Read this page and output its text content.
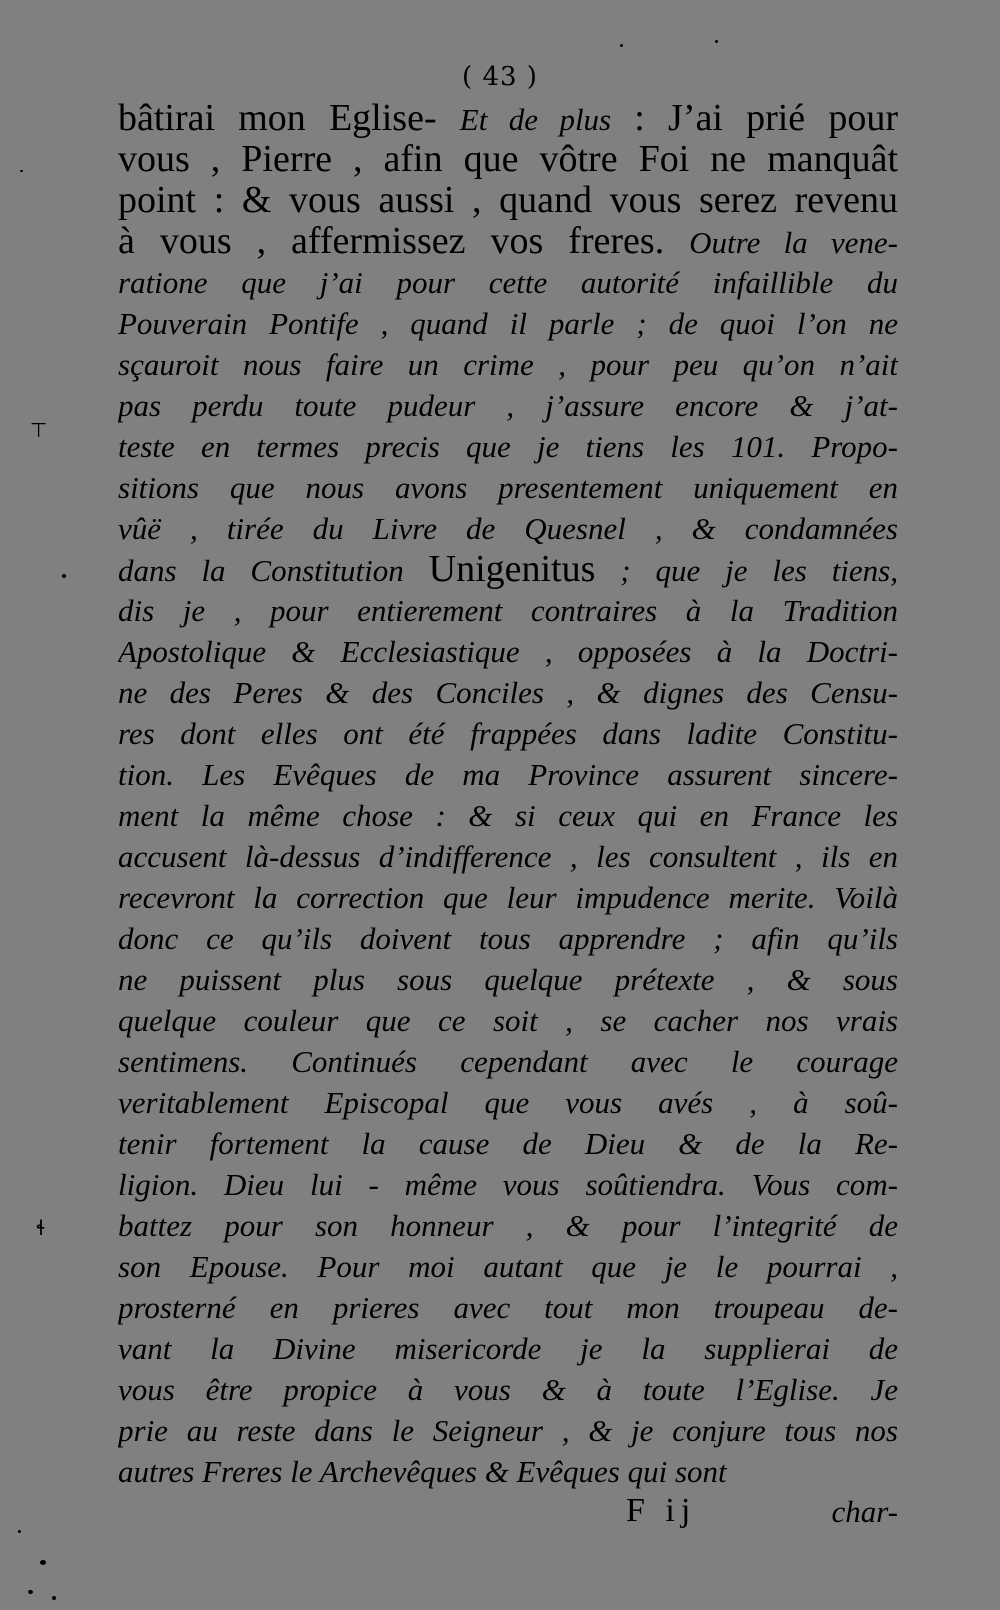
( 43 )
bâtirai mon Eglise- Et de plus : J’ai prié pour
vous , Pierre , afin que vôtre Foi ne manquât
point : & vous aussi , quand vous serez revenu
à vous , affermissez vos freres. Outre la vene-
ratione que j’ai pour cette autorité infaillible du
Pouverain Pontife , quand il parle ; de quoi l’on ne
sçauroit nous faire un crime , pour peu qu’on n’ait
pas perdu toute pudeur , j’assure encore & j’at-
teste en termes precis que je tiens les 101. Propo-
sitions que nous avons presentement uniquement en
vûë , tirée du Livre de Quesnel , & condamnées
dans la Constitution Unigenitus ; que je les tiens,
dis je , pour entierement contraires à la Tradition
Apostolique & Ecclesiastique , opposées à la Doctri-
ne des Peres & des Conciles , & dignes des Censu-
res dont elles ont été frappées dans ladite Constitu-
tion. Les Evêques de ma Province assurent sincere-
ment la même chose : & si ceux qui en France les
accusent là-dessus d’indifference , les consultent , ils en
recevront la correction que leur impudence merite. Voilà
donc ce qu’ils doivent tous apprendre ; afin qu’ils
ne puissent plus sous quelque prétexte , & sous
quelque couleur que ce soit , se cacher nos vrais
sentimens. Continués cependant avec le courage
veritablement Episcopal que vous avés , à soû-
tenir fortement la cause de Dieu & de la Re-
ligion. Dieu lui - même vous soûtiendra. Vous com-
battez pour son honneur , & pour l’integrité de
son Epouse. Pour moi autant que je le pourrai ,
prosterné en prieres avec tout mon troupeau de-
vant la Divine misericorde je la supplierai de
vous être propice à vous & à toute l’Eglise. Je
prie au reste dans le Seigneur , & je conjure tous nos
autres Freres le Archevêques & Evêques qui sont
F ij	char-
⊤
ɬ
